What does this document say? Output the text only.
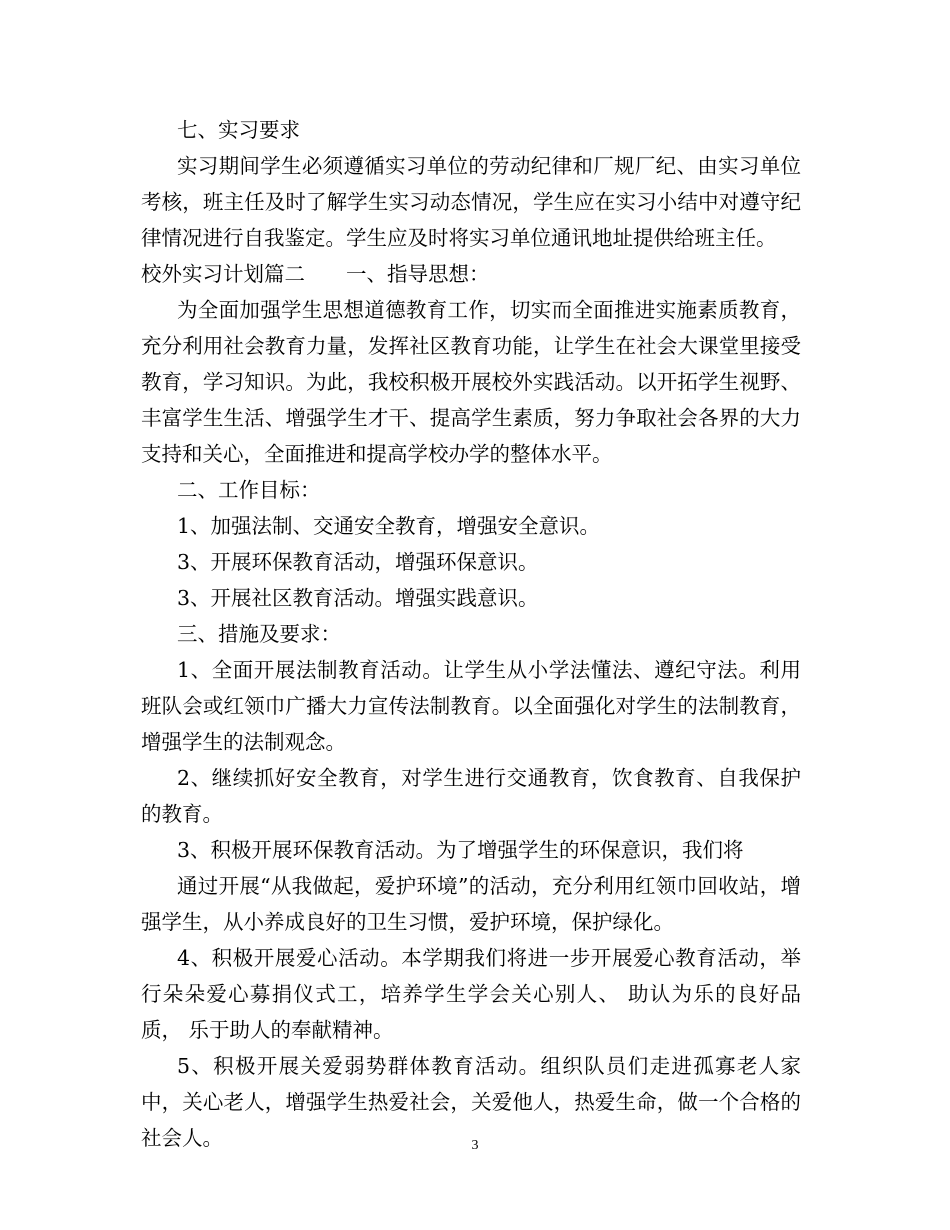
七、实习要求

实习期间学生必须遵循实习单位的劳动纪律和厂规厂纪、由实习单位考核，班主任及时了解学生实习动态情况，学生应在实习小结中对遵守纪律情况进行自我鉴定。学生应及时将实习单位通讯地址提供给班主任。

校外实习计划篇二　　一、指导思想：

为全面加强学生思想道德教育工作，切实而全面推进实施素质教育，充分利用社会教育力量，发挥社区教育功能，让学生在社会大课堂里接受教育，学习知识。为此，我校积极开展校外实践活动。以开拓学生视野、丰富学生生活、增强学生才干、提高学生素质，努力争取社会各界的大力支持和关心，全面推进和提高学校办学的整体水平。

二、工作目标：

1、加强法制、交通安全教育，增强安全意识。

3、开展环保教育活动，增强环保意识。

3、开展社区教育活动。增强实践意识。

三、措施及要求：

1、全面开展法制教育活动。让学生从小学法懂法、遵纪守法。利用班队会或红领巾广播大力宣传法制教育。以全面强化对学生的法制教育，增强学生的法制观念。

2、继续抓好安全教育，对学生进行交通教育，饮食教育、自我保护的教育。

3、积极开展环保教育活动。为了增强学生的环保意识，我们将

通过开展“从我做起，爱护环境”的活动，充分利用红领巾回收站，增强学生，从小养成良好的卫生习惯，爱护环境，保护绿化。

4、积极开展爱心活动。本学期我们将进一步开展爱心教育活动，举行朵朵爱心募捐仪式工，培养学生学会关心别人、 助认为乐的良好品质， 乐于助人的奉献精神。

5、积极开展关爱弱势群体教育活动。组织队员们走进孤寡老人家中，关心老人，增强学生热爱社会，关爱他人，热爱生命，做一个合格的社会人。	3
